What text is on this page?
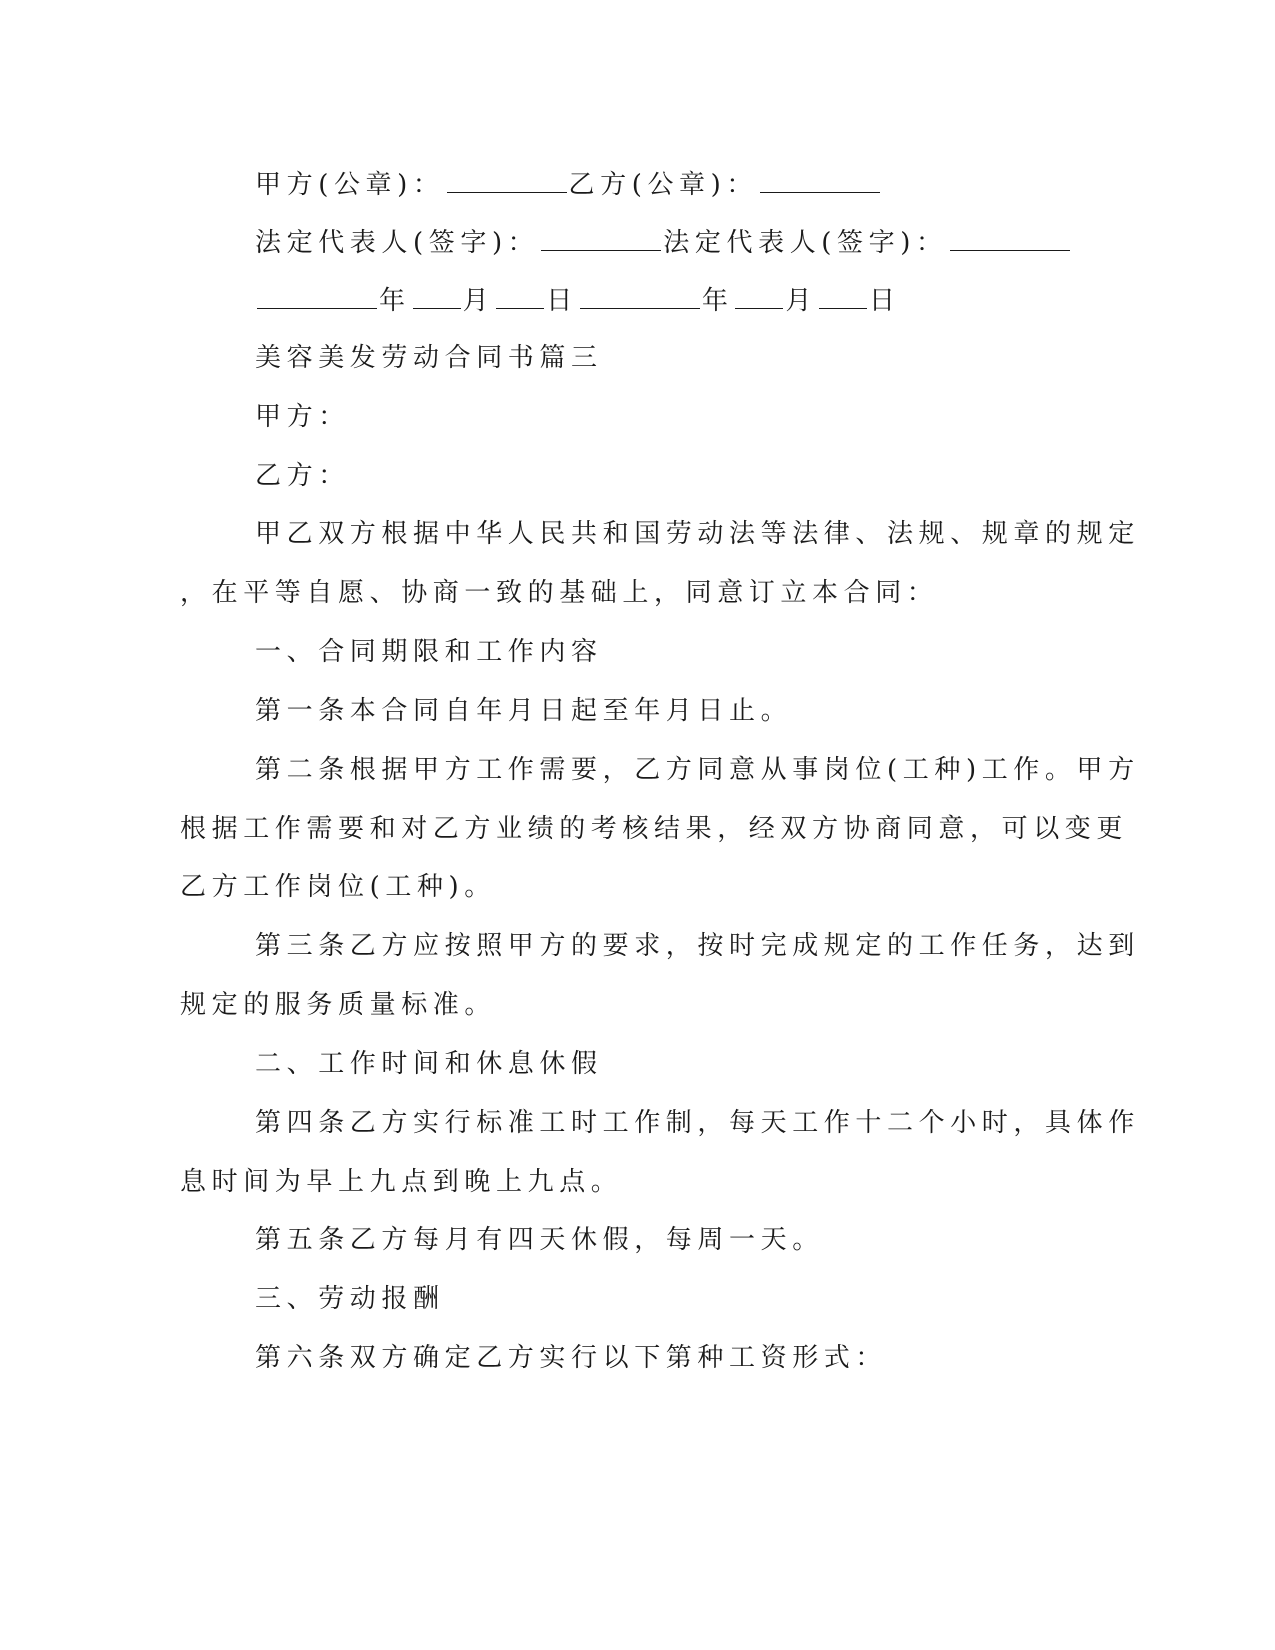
甲方(公章)：	乙方(公章)：
法定代表人(签字)：	法定代表人(签字)：
年 月 日	年 月 日
美容美发劳动合同书篇三
甲方：
乙方：
甲乙双方根据中华人民共和国劳动法等法律、法规、规章的规定
，在平等自愿、协商一致的基础上，同意订立本合同：
一、合同期限和工作内容
第一条本合同自年月日起至年月日止。
第二条根据甲方工作需要，乙方同意从事岗位(工种)工作。甲方
根据工作需要和对乙方业绩的考核结果，经双方协商同意，可以变更
乙方工作岗位(工种)。
第三条乙方应按照甲方的要求，按时完成规定的工作任务，达到
规定的服务质量标准。
二、工作时间和休息休假
第四条乙方实行标准工时工作制，每天工作十二个小时，具体作
息时间为早上九点到晚上九点。
第五条乙方每月有四天休假，每周一天。
三、劳动报酬
第六条双方确定乙方实行以下第种工资形式：
